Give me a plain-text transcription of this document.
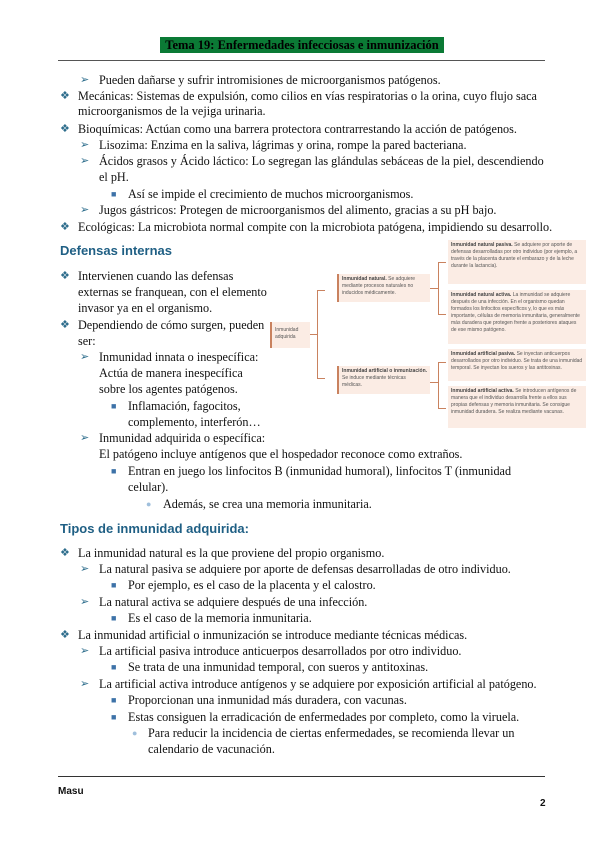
Tema 19: Enfermedades infecciosas e inmunización
➢ Pueden dañarse y sufrir intromisiones de microorganismos patógenos.
❖ Mecánicas: Sistemas de expulsión, como cilios en vías respiratorias o la orina, cuyo flujo saca
microorganismos de la vejiga urinaria.
❖ Bioquímicas: Actúan como una barrera protectora contrarrestando la acción de patógenos.
➢ Lisozima: Enzima en la saliva, lágrimas y orina, rompe la pared bacteriana.
➢ Ácidos grasos y Ácido láctico: Lo segregan las glándulas sebáceas de la piel, descendiendo
el pH.
■ Así se impide el crecimiento de muchos microorganismos.
➢ Jugos gástricos: Protegen de microorganismos del alimento, gracias a su pH bajo.
❖ Ecológicas: La microbiota normal compite con la microbiota patógena, impidiendo su desarrollo.
Defensas internas
❖ Intervienen cuando las defensas
externas se franquean, con el elemento
invasor ya en el organismo.
❖ Dependiendo de cómo surgen, pueden
ser:
➢ Inmunidad innata o inespecífica:
Actúa de manera inespecífica
sobre los agentes patógenos.
■ Inflamación, fagocitos,
complemento, interferón…
➢ Inmunidad adquirida o específica:
El patógeno incluye antígenos que el hospedador reconoce como extraños.
■ Entran en juego los linfocitos B (inmunidad humoral), linfocitos T (inmunidad
celular).
● Además, se crea una memoria inmunitaria.
Inmunidad adquirida
Inmunidad natural. Se adquiere mediante procesos naturales no inducidos médicamente.
Inmunidad artificial o inmunización. Se induce mediante técnicas médicas.
Inmunidad natural pasiva. Se adquiere por aporte de defensas desarrolladas por otro individuo (por ejemplo, a través de la placenta durante el embarazo y de la leche durante la lactancia).
Inmunidad natural activa. La inmunidad se adquiere después de una infección. En el organismo quedan formados los linfocitos específicos y, lo que es más importante, células de memoria inmunitaria, generalmente más duradera que protegen frente a posteriores ataques de ese mismo patógeno.
Inmunidad artificial pasiva. Se inyectan anticuerpos desarrollados por otro individuo. Se trata de una inmunidad temporal. Se inyectan los sueros y las antitoxinas.
Inmunidad artificial activa. Se introducen antígenos de manera que el individuo desarrolla frente a ellos sus propias defensas y memoria inmunitaria. Se consigue inmunidad duradera. Se realiza mediante vacunas.
Tipos de inmunidad adquirida:
❖ La inmunidad natural es la que proviene del propio organismo.
➢ La natural pasiva se adquiere por aporte de defensas desarrolladas de otro individuo.
■ Por ejemplo, es el caso de la placenta y el calostro.
➢ La natural activa se adquiere después de una infección.
■ Es el caso de la memoria inmunitaria.
❖ La inmunidad artificial o inmunización se introduce mediante técnicas médicas.
➢ La artificial pasiva introduce anticuerpos desarrollados por otro individuo.
■ Se trata de una inmunidad temporal, con sueros y antitoxinas.
➢ La artificial activa introduce antígenos y se adquiere por exposición artificial al patógeno.
■ Proporcionan una inmunidad más duradera, con vacunas.
■ Estas consiguen la erradicación de enfermedades por completo, como la viruela.
● Para reducir la incidencia de ciertas enfermedades, se recomienda llevar un
calendario de vacunación.
Masu
2
